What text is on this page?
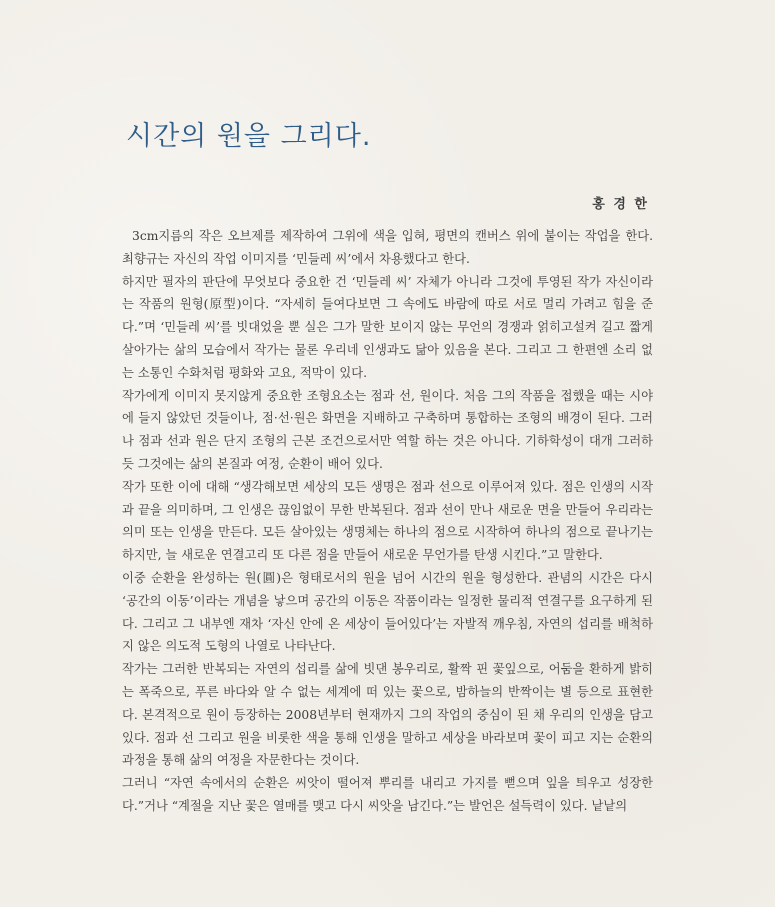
시간의 원을 그리다.
홍 경 한

3cm지름의 작은 오브제를 제작하여 그위에 색을 입혀, 평면의 캔버스 위에 붙이는 작업을 한다. 최향규는 자신의 작업 이미지를 ‘민들레 씨’에서 차용했다고 한다.

하지만 필자의 판단에 무엇보다 중요한 건 ‘민들레 씨’ 자체가 아니라 그것에 투영된 작가 자신이라는 작품의 원형(原型)이다. “자세히 들여다보면 그 속에도 바람에 따로 서로 멀리 가려고 힘을 준다.”며 ‘민들레 씨’를 빗대었을 뿐 실은 그가 말한 보이지 않는 무언의 경쟁과 얽히고설켜 길고 짧게 살아가는 삶의 모습에서 작가는 물론 우리네 인생과도 닮아 있음을 본다. 그리고 그 한편엔 소리 없는 소통인 수화처럼 평화와 고요, 적막이 있다.

작가에게 이미지 못지않게 중요한 조형요소는 점과 선, 원이다. 처음 그의 작품을 접했을 때는 시야에 들지 않았던 것들이나, 점·선·원은 화면을 지배하고 구축하며 통합하는 조형의 배경이 된다. 그러나 점과 선과 원은 단지 조형의 근본 조건으로서만 역할 하는 것은 아니다. 기하학성이 대개 그러하듯 그것에는 삶의 본질과 여정, 순환이 배어 있다.

작가 또한 이에 대해 “생각해보면 세상의 모든 생명은 점과 선으로 이루어져 있다. 점은 인생의 시작과 끝을 의미하며, 그 인생은 끊임없이 무한 반복된다. 점과 선이 만나 새로운 면을 만들어 우리라는 의미 또는 인생을 만든다. 모든 살아있는 생명체는 하나의 점으로 시작하여 하나의 점으로 끝나기는 하지만, 늘 새로운 연결고리 또 다른 점을 만들어 새로운 무언가를 탄생 시킨다.”고 말한다.

이중 순환을 완성하는 원(圓)은 형태로서의 원을 넘어 시간의 원을 형성한다. 관념의 시간은 다시 ‘공간의 이동’이라는 개념을 낳으며 공간의 이동은 작품이라는 일정한 물리적 연결구를 요구하게 된다. 그리고 그 내부엔 재차 ‘자신 안에 온 세상이 들어있다’는 자발적 깨우침, 자연의 섭리를 배척하지 않은 의도적 도형의 나열로 나타난다.

작가는 그러한 반복되는 자연의 섭리를 삶에 빗댄 봉우리로, 활짝 핀 꽃잎으로, 어둠을 환하게 밝히는 폭죽으로, 푸른 바다와 알 수 없는 세계에 떠 있는 꽃으로, 밤하늘의 반짝이는 별 등으로 표현한다. 본격적으로 원이 등장하는 2008년부터 현재까지 그의 작업의 중심이 된 채 우리의 인생을 담고 있다. 점과 선 그리고 원을 비롯한 색을 통해 인생을 말하고 세상을 바라보며 꽃이 피고 지는 순환의 과정을 통해 삶의 여정을 자문한다는 것이다.

그러니 “자연 속에서의 순환은 씨앗이 떨어져 뿌리를 내리고 가지를 뻗으며 잎을 틔우고 성장한다.”거나 “계절을 지난 꽃은 열매를 맺고 다시 씨앗을 남긴다.”는 발언은 설득력이 있다. 낱낱의
